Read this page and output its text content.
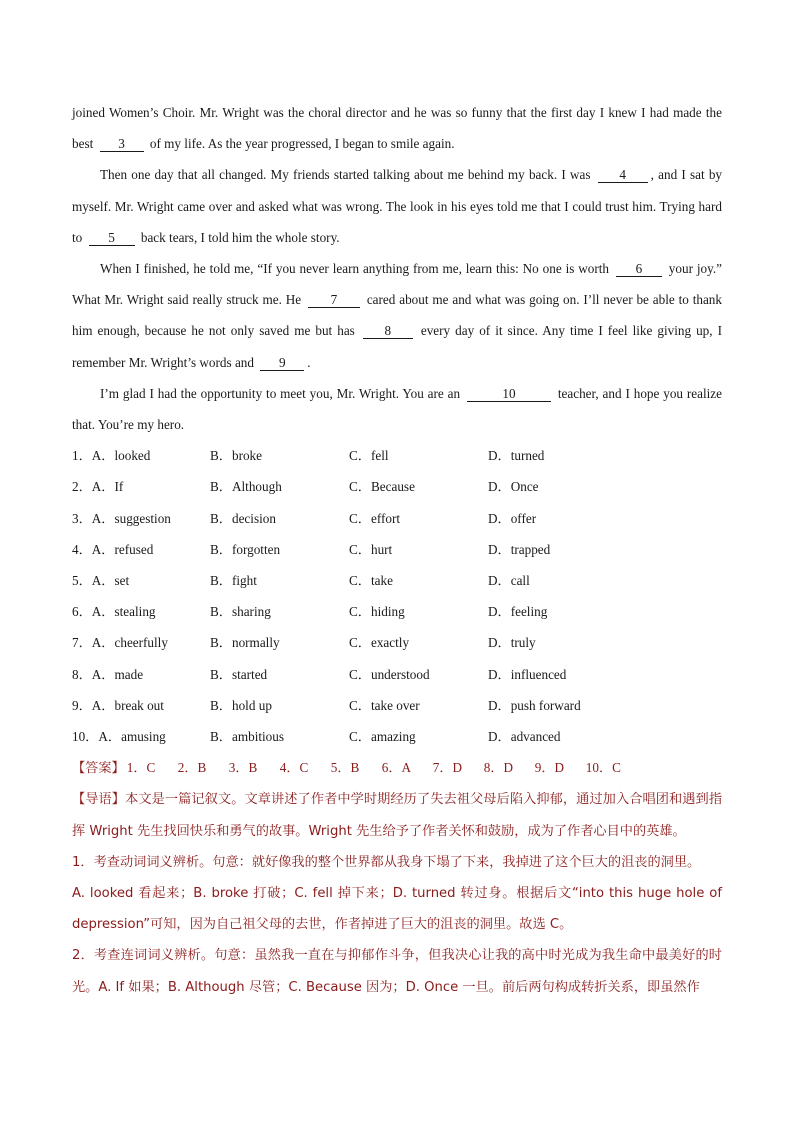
joined Women’s Choir. Mr. Wright was the choral director and he was so funny that the first day I knew I had made the best 3 of my life. As the year progressed, I began to smile again.

Then one day that all changed. My friends started talking about me behind my back. I was 4 , and I sat by myself. Mr. Wright came over and asked what was wrong. The look in his eyes told me that I could trust him. Trying hard to 5 back tears, I told him the whole story.

When I finished, he told me, “If you never learn anything from me, learn this: No one is worth 6 your joy.” What Mr. Wright said really struck me. He 7 cared about me and what was going on. I’ll never be able to thank him enough, because he not only saved me but has 8 every day of it since. Any time I feel like giving up, I remember Mr. Wright’s words and 9 .

I’m glad I had the opportunity to meet you, Mr. Wright. You are an	10	teacher, and I hope you realize that. You’re my hero.

1．A．looked	B．broke	C．fell	D．turned
2．A．If	B．Although	C．Because	D．Once
3．A．suggestion	B．decision	C．effort	D．offer
4．A．refused	B．forgotten	C．hurt	D．trapped
5．A．set	B．fight	C．take	D．call
6．A．stealing	B．sharing	C．hiding	D．feeling
7．A．cheerfully	B．normally	C．exactly	D．truly
8．A．made	B．started	C．understood	D．influenced
9．A．break out	B．hold up	C．take over	D．push forward
10．A．amusing	B．ambitious	C．amazing	D．advanced
【答案】 1．C 2．B 3．B 4．C 5．B 6．A 7．D 8．D 9．D 10．C

【导语】本文是一篇记叙文。文章讲述了作者中学时期经历了失去祖父母后陷入抑郁，通过加入合唱团和遇到指挥 Wright 先生找回快乐和勇气的故事。Wright 先生给予了作者关怀和鼓励，成为了作者心目中的英雄。

1．考查动词词义辨析。句意：就好像我的整个世界都从我身下塌了下来，我掉进了这个巨大的沮丧的洞里。

A. looked 看起来；B. broke 打破；C. fell 掉下来；D. turned 转过身。根据后文“into this huge hole of depression”可知，因为自己祖父母的去世，作者掉进了巨大的沮丧的洞里。故选 C。

2．考查连词词义辨析。句意：虽然我一直在与抑郁作斗争，但我决心让我的高中时光成为我生命中最美好的时光。A. If 如果；B. Although 尽管；C. Because 因为；D. Once 一旦。前后两句构成转折关系，即虽然作
